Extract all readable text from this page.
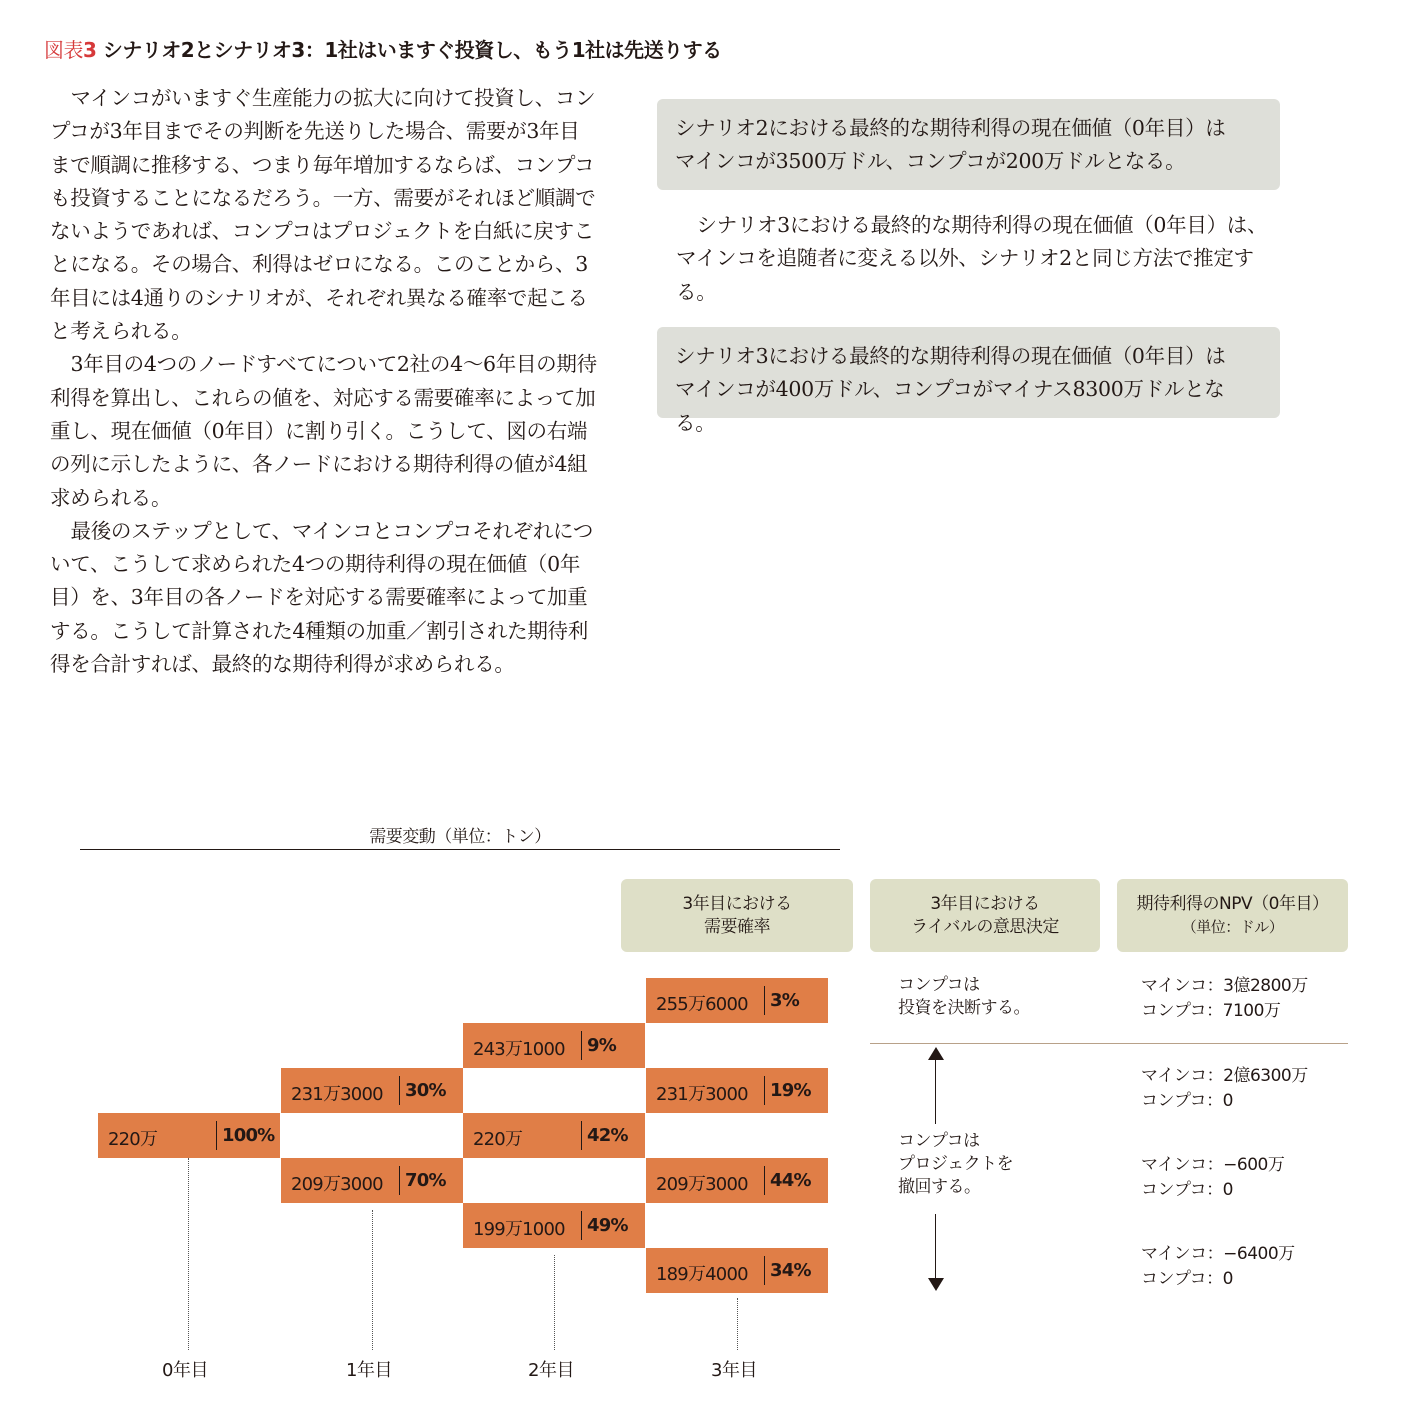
図表3 シナリオ2とシナリオ3：1社はいますぐ投資し、もう1社は先送りする

マインコがいますぐ生産能力の拡大に向けて投資し、コンプコが3年目までその判断を先送りした場合、需要が3年目まで順調に推移する、つまり毎年増加するならば、コンプコも投資することになるだろう。一方、需要がそれほど順調でないようであれば、コンプコはプロジェクトを白紙に戻すことになる。その場合、利得はゼロになる。このことから、3年目には4通りのシナリオが、それぞれ異なる確率で起こると考えられる。

3年目の4つのノードすべてについて2社の4〜6年目の期待利得を算出し、これらの値を、対応する需要確率によって加重し、現在価値（0年目）に割り引く。こうして、図の右端の列に示したように、各ノードにおける期待利得の値が4組求められる。

最後のステップとして、マインコとコンプコそれぞれについて、こうして求められた4つの期待利得の現在価値（0年目）を、3年目の各ノードを対応する需要確率によって加重する。こうして計算された4種類の加重／割引された期待利得を合計すれば、最終的な期待利得が求められる。

シナリオ2における最終的な期待利得の現在価値（0年目）は
マインコが3500万ドル、コンプコが200万ドルとなる。

シナリオ3における最終的な期待利得の現在価値（0年目）は、マインコを追随者に変える以外、シナリオ2と同じ方法で推定する。

シナリオ3における最終的な期待利得の現在価値（0年目）は
マインコが400万ドル、コンプコがマイナス8300万ドルとなる。
需要変動（単位：トン）
3年目における
需要確率
3年目における
ライバルの意思決定
期待利得のNPV（0年目）
（単位：ドル）
220万	100%
231万3000 30%
209万3000 70%
243万1000 9%
220万	42%
199万1000 49%
255万6000 3%
231万3000 19%
209万3000 44%
189万4000 34%
0年目	1年目	2年目	3年目
コンプコは
投資を決断する。
コンプコは
プロジェクトを
撤回する。
マインコ：3億2800万
コンプコ：7100万
マインコ：2億6300万
コンプコ：0
マインコ：−600万
コンプコ：0
マインコ：−6400万
コンプコ：0
